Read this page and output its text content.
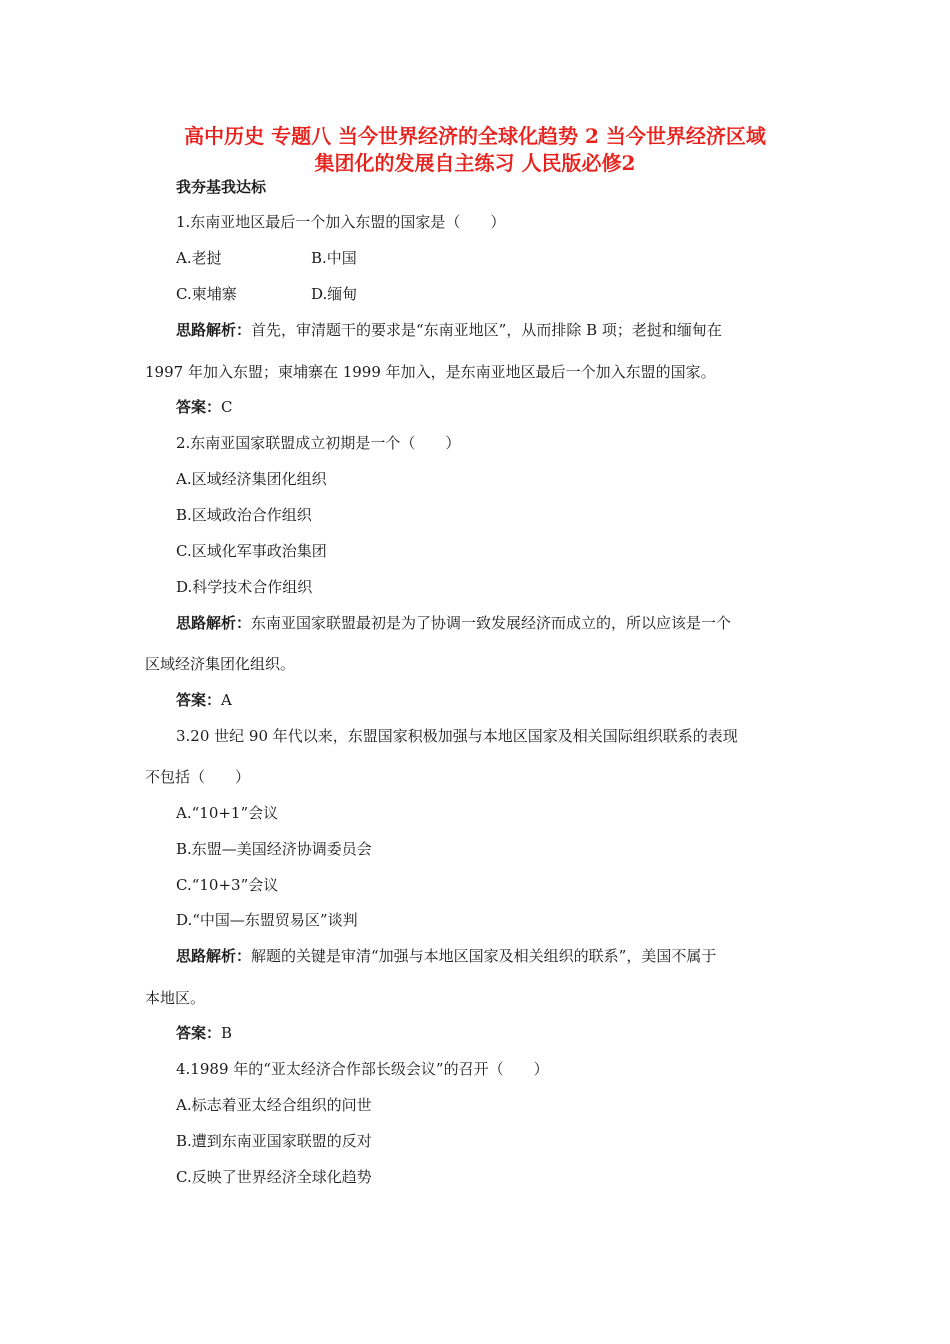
高中历史 专题八 当今世界经济的全球化趋势 2 当今世界经济区域
集团化的发展自主练习 人民版必修2
我夯基我达标
1.东南亚地区最后一个加入东盟的国家是（　　）
A.老挝	B.中国
C.柬埔寨	D.缅甸
思路解析：首先，审清题干的要求是“东南亚地区”，从而排除 B 项；老挝和缅甸在
1997 年加入东盟；柬埔寨在 1999 年加入，是东南亚地区最后一个加入东盟的国家。
答案：C
2.东南亚国家联盟成立初期是一个（　　）
A.区域经济集团化组织
B.区域政治合作组织
C.区域化军事政治集团
D.科学技术合作组织
思路解析：东南亚国家联盟最初是为了协调一致发展经济而成立的，所以应该是一个
区域经济集团化组织。
答案：A
3.20 世纪 90 年代以来，东盟国家积极加强与本地区国家及相关国际组织联系的表现
不包括（　　）
A.“10+1”会议
B.东盟—美国经济协调委员会
C.“10+3”会议
D.“中国—东盟贸易区”谈判
思路解析：解题的关键是审清“加强与本地区国家及相关组织的联系”，美国不属于
本地区。
答案：B
4.1989 年的“亚太经济合作部长级会议”的召开（　　）
A.标志着亚太经合组织的问世
B.遭到东南亚国家联盟的反对
C.反映了世界经济全球化趋势
